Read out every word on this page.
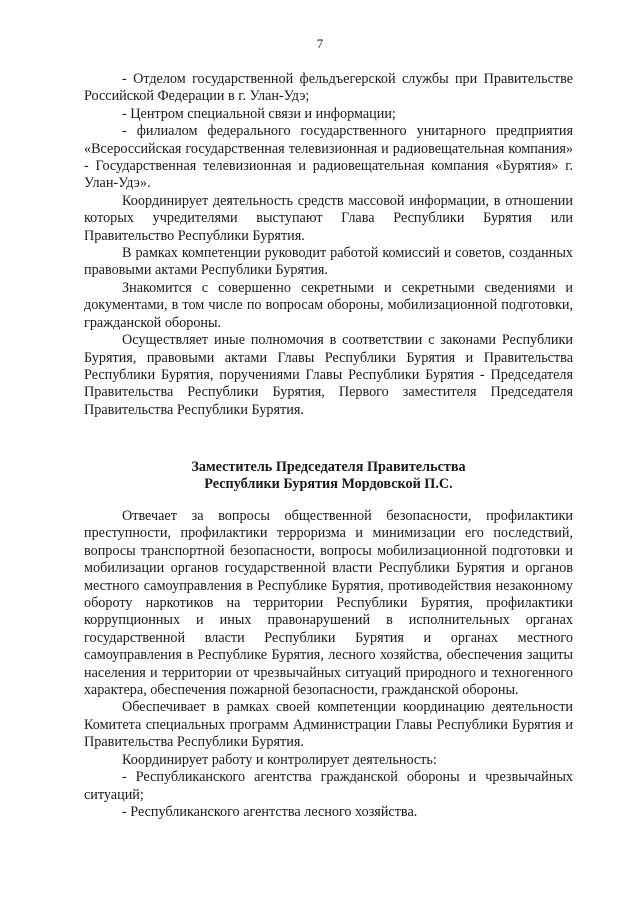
7

- Отделом государственной фельдъегерской службы при Правительстве Российской Федерации в г. Улан-Удэ;

- Центром специальной связи и информации;

- филиалом федерального государственного унитарного предприятия «Всероссийская государственная телевизионная и радиовещательная компания» - Государственная телевизионная и радиовещательная компания «Бурятия» г. Улан-Удэ».

Координирует деятельность средств массовой информации, в отношении которых учредителями выступают Глава Республики Бурятия или Правительство Республики Бурятия.

В рамках компетенции руководит работой комиссий и советов, созданных правовыми актами Республики Бурятия.

Знакомится с совершенно секретными и секретными сведениями и документами, в том числе по вопросам обороны, мобилизационной подготовки, гражданской обороны.

Осуществляет иные полномочия в соответствии с законами Республики Бурятия, правовыми актами Главы Республики Бурятия и Правительства Республики Бурятия, поручениями Главы Республики Бурятия - Председателя Правительства Республики Бурятия, Первого заместителя Председателя Правительства Республики Бурятия.

Заместитель Председателя Правительства
Республики Бурятия Мордовской П.С.

Отвечает за вопросы общественной безопасности, профилактики преступности, профилактики терроризма и минимизации его последствий, вопросы транспортной безопасности, вопросы мобилизационной подготовки и мобилизации органов государственной власти Республики Бурятия и органов местного самоуправления в Республике Бурятия, противодействия незаконному обороту наркотиков на территории Республики Бурятия, профилактики коррупционных и иных правонарушений в исполнительных органах государственной власти Республики Бурятия и органах местного самоуправления в Республике Бурятия, лесного хозяйства, обеспечения защиты населения и территории от чрезвычайных ситуаций природного и техногенного характера, обеспечения пожарной безопасности, гражданской обороны.

Обеспечивает в рамках своей компетенции координацию деятельности Комитета специальных программ Администрации Главы Республики Бурятия и Правительства Республики Бурятия.

Координирует работу и контролирует деятельность:

- Республиканского агентства гражданской обороны и чрезвычайных ситуаций;

- Республиканского агентства лесного хозяйства.
